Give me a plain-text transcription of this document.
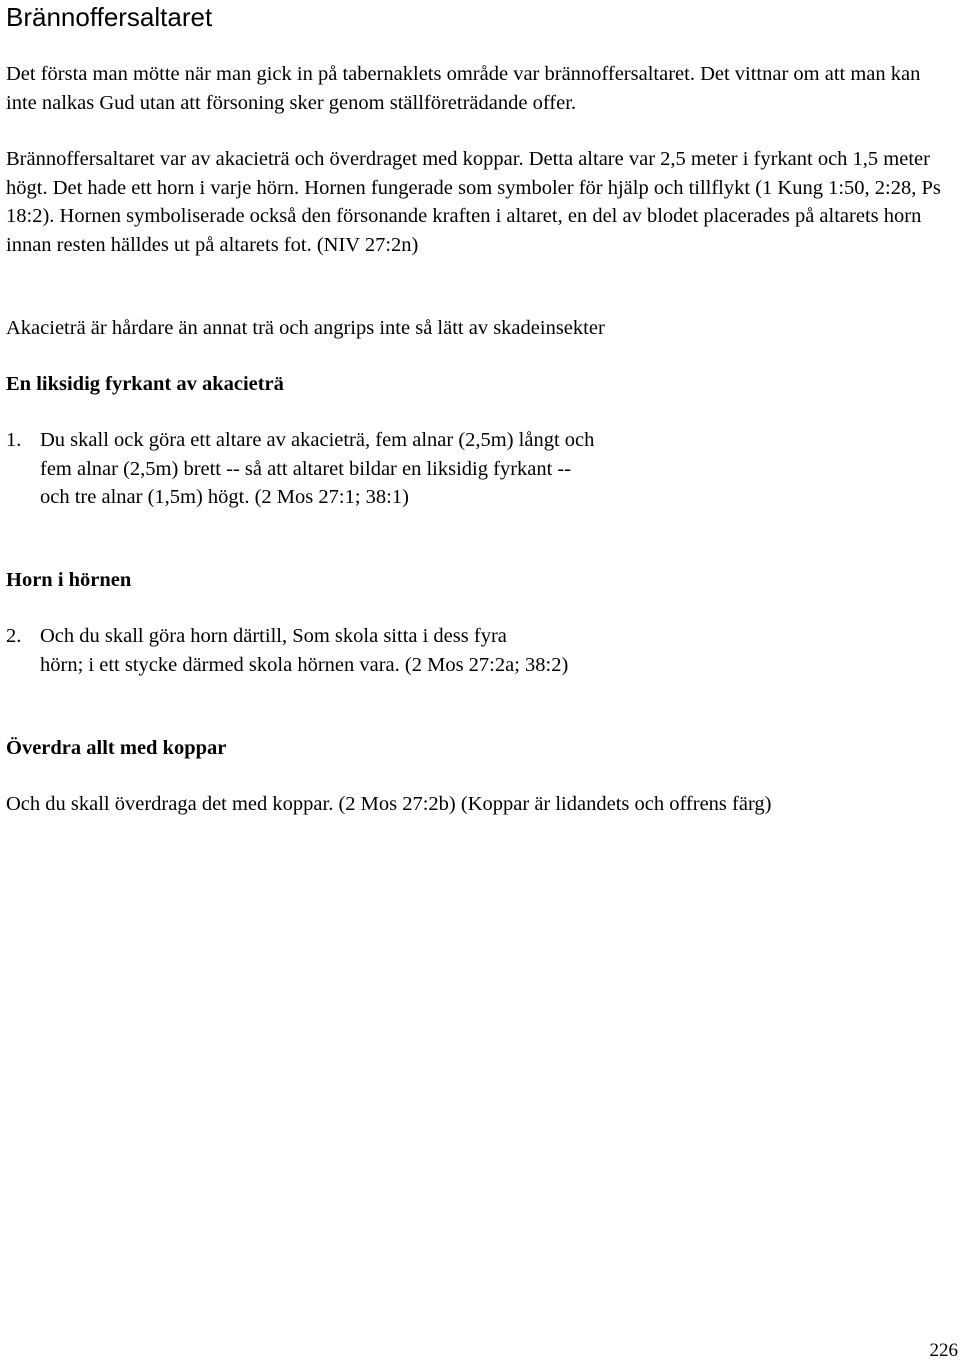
Brännoffersaltaret

Det första man mötte när man gick in på tabernaklets område var brännoffersaltaret. Det vittnar om att man kan inte nalkas Gud utan att försoning sker genom ställföreträdande offer.

Brännoffersaltaret var av akacieträ och överdraget med koppar. Detta altare var 2,5 meter i fyrkant och 1,5 meter högt. Det hade ett horn i varje hörn. Hornen fungerade som symboler för hjälp och tillflykt (1 Kung 1:50, 2:28, Ps 18:2). Hornen symboliserade också den försonande kraften i altaret, en del av blodet placerades på altarets horn innan resten hälldes ut på altarets fot. (NIV 27:2n)

Akacieträ är hårdare än annat trä och angrips inte så lätt av skadeinsekter

En liksidig fyrkant av akacieträ

1. Du skall ock göra ett altare av akacieträ, fem alnar (2,5m) långt och
fem alnar (2,5m) brett -- så att altaret bildar en liksidig fyrkant --
och tre alnar (1,5m) högt. (2 Mos 27:1; 38:1)

Horn i hörnen

2. Och du skall göra horn därtill, Som skola sitta i dess fyra
hörn; i ett stycke därmed skola hörnen vara. (2 Mos 27:2a; 38:2)

Överdra allt med koppar

Och du skall överdraga det med koppar. (2 Mos 27:2b) (Koppar är lidandets och offrens färg)

226
